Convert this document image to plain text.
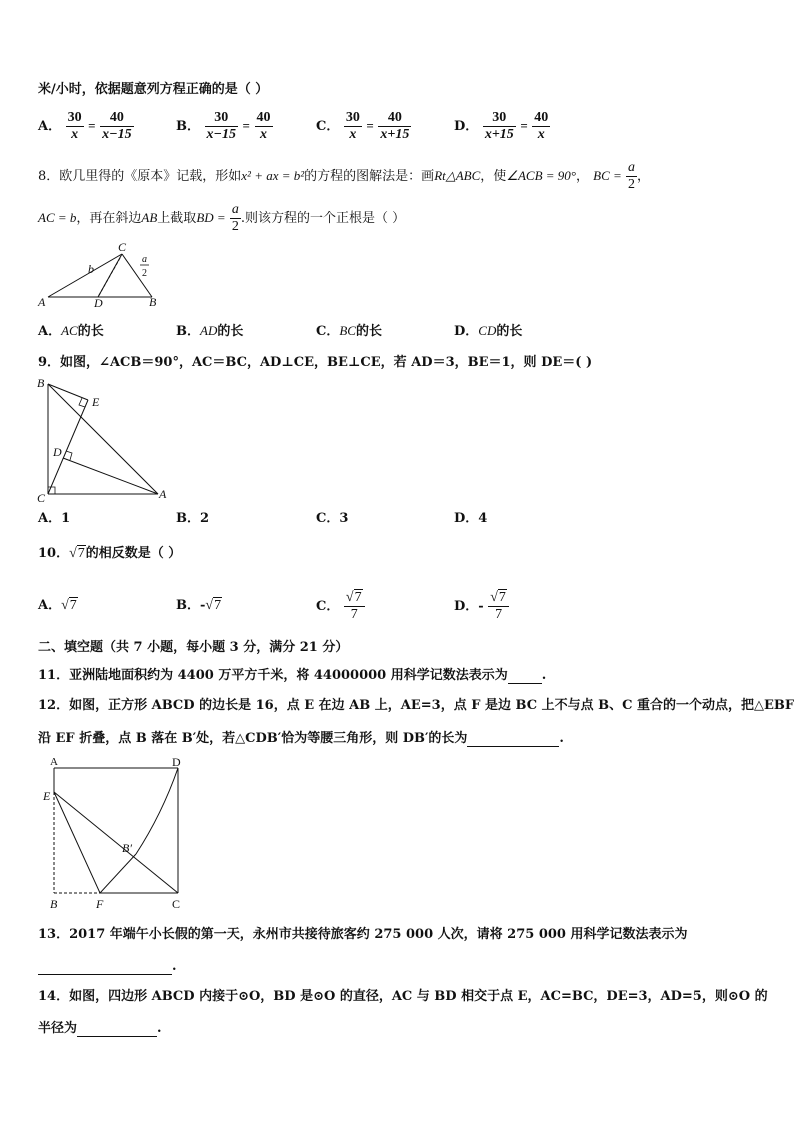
米/小时，依据题意列方程正确的是（ ）
A． $\frac{30}{x} = \frac{40}{x-15}$	B． $\frac{30}{x-15} = \frac{40}{x}$	C． $\frac{30}{x} = \frac{40}{x+15}$	D． $\frac{30}{x+15} = \frac{40}{x}$
8．欧几里得的《原本》记载，形如x² + ax = b²的方程的图解法是：画Rt△ABC，使∠ACB = 90°， BC = $\frac{a}{2}$ ，
AC = b，再在斜边AB上截取BD = $\frac{a}{2}$ .则该方程的一个正根是（ ）
A	D	B
C
b
a
2
A．AC的长	B．AD的长	C．BC的长	D．CD的长
9．如图，∠ACB＝90°，AC＝BC，AD⊥CE，BE⊥CE，若 AD＝3，BE＝1，则 DE＝( )
B
E
D
C	A
A．1	B．2	C．3	D．4
10．√7的相反数是（ ）
A．√7	B．-√7	C． $\frac{√7}{7}$	D．- $\frac{√7}{7}$
二、填空题（共 7 小题，每小题 3 分，满分 21 分）
11．亚洲陆地面积约为 4400 万平方千米，将 44000000 用科学记数法表示为	.
12．如图，正方形 ABCD 的边长是 16，点 E 在边 AB 上，AE=3，点 F 是边 BC 上不与点 B、C 重合的一个动点，把△EBF
沿 EF 折叠，点 B 落在 B′处，若△CDB′恰为等腰三角形，则 DB′的长为	.
A	D
E
B′
B	F	C
13．2017 年端午小长假的第一天，永州市共接待旅客约 275 000 人次，请将 275 000 用科学记数法表示为
.
14．如图，四边形 ABCD 内接于⊙O，BD 是⊙O 的直径，AC 与 BD 相交于点 E，AC=BC，DE=3，AD=5，则⊙O 的
半径为	.
